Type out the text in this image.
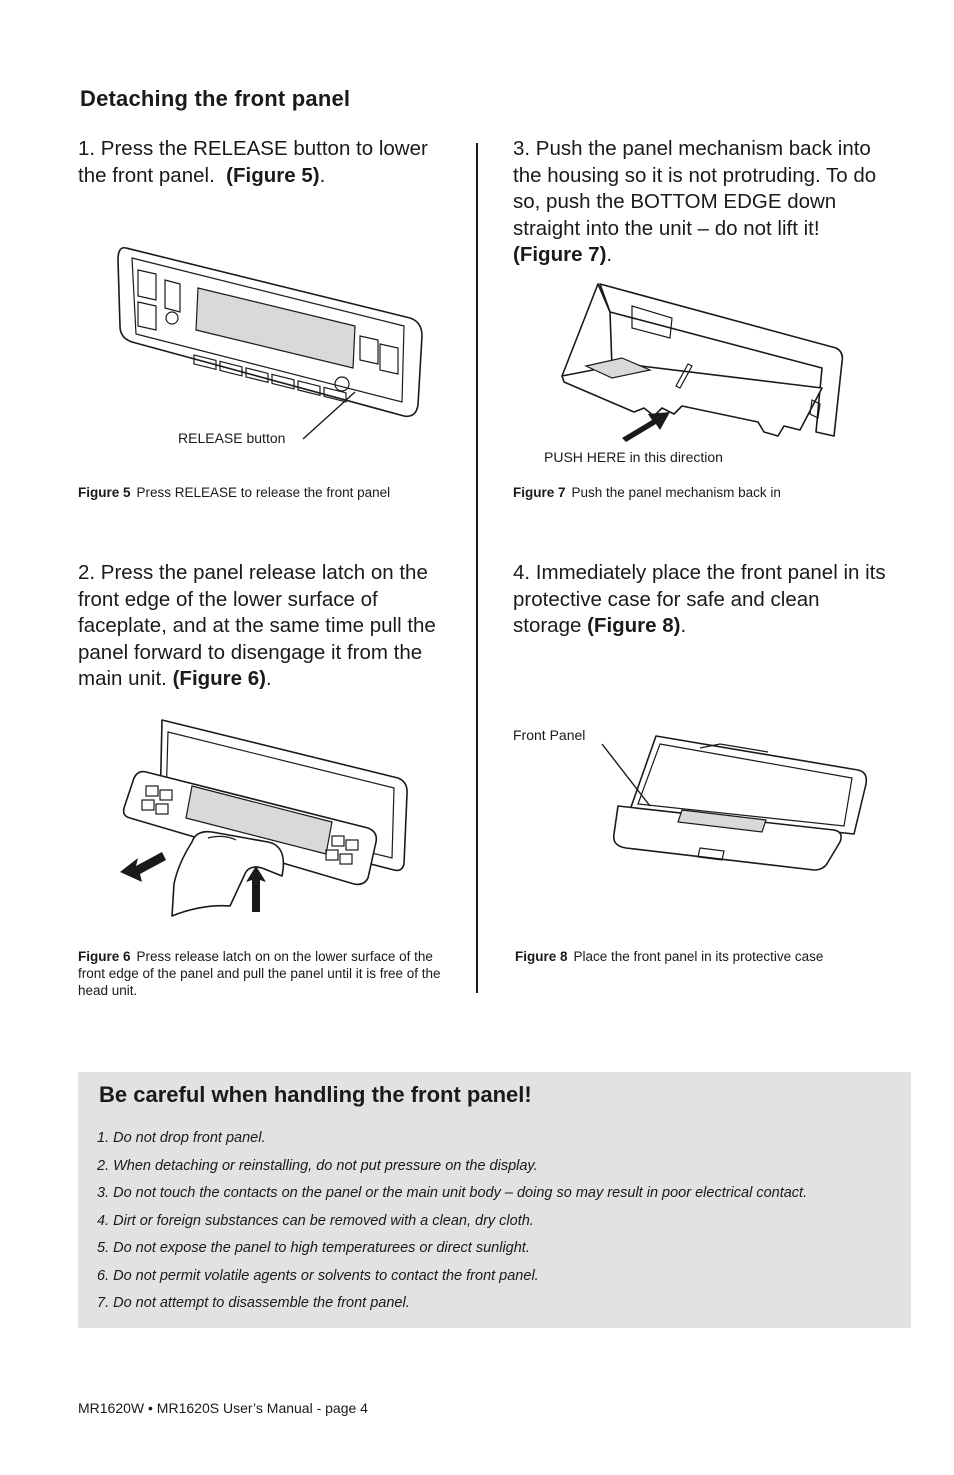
Detaching the front panel
1. Press the RELEASE button to lower the front panel. (Figure 5).
RELEASE button
Figure 5 Press RELEASE to release the front panel
2. Press the panel release latch on the front edge of the lower surface of faceplate, and at the same time pull the panel forward to disengage it from the main unit. (Figure 6).
Figure 6 Press release latch on on the lower surface of the front edge of the panel and pull the panel until it is free of the head unit.
3. Push the panel mechanism back into the housing so it is not protruding. To do so, push the BOTTOM EDGE down straight into the unit – do not lift it! (Figure 7).
PUSH HERE in this direction
Figure 7 Push the panel mechanism back in
4. Immediately place the front panel in its protective case for safe and clean storage (Figure 8).
Front Panel
Figure 8 Place the front panel in its protective case
Be careful when handling the front panel!
1. Do not drop front panel.
2. When detaching or reinstalling, do not put pressure on the display.
3. Do not touch the contacts on the panel or the main unit body – doing so may result in poor electrical contact.
4. Dirt or foreign substances can be removed with a clean, dry cloth.
5. Do not expose the panel to high temperaturees or direct sunlight.
6. Do not permit volatile agents or solvents to contact the front panel.
7. Do not attempt to disassemble the front panel.
MR1620W • MR1620S User’s Manual - page 4
